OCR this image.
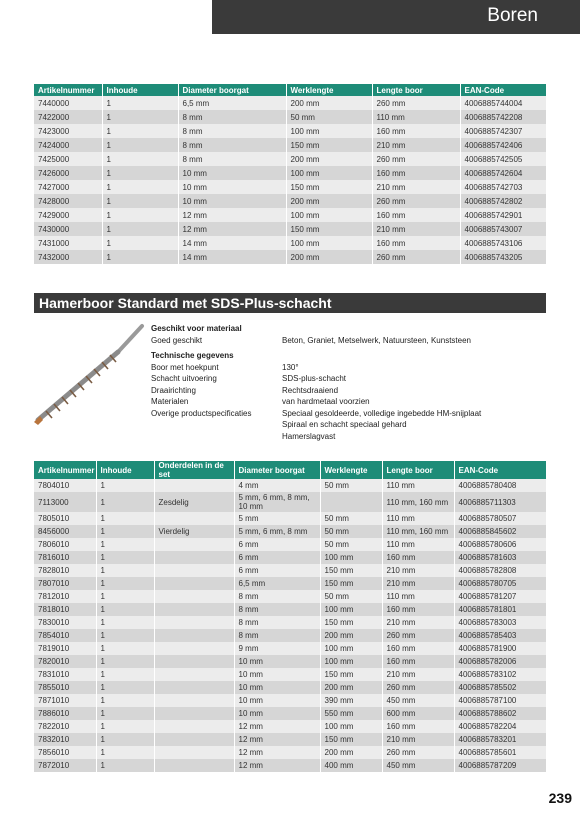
Boren
Artikelnummer	Inhoude	Diameter boorgat	Werklengte	Lengte boor	EAN-Code
7440000	1	6,5 mm	200 mm	260 mm	4006885744004
7422000	1	8 mm	50 mm	110 mm	4006885742208
7423000	1	8 mm	100 mm	160 mm	4006885742307
7424000	1	8 mm	150 mm	210 mm	4006885742406
7425000	1	8 mm	200 mm	260 mm	4006885742505
7426000	1	10 mm	100 mm	160 mm	4006885742604
7427000	1	10 mm	150 mm	210 mm	4006885742703
7428000	1	10 mm	200 mm	260 mm	4006885742802
7429000	1	12 mm	100 mm	160 mm	4006885742901
7430000	1	12 mm	150 mm	210 mm	4006885743007
7431000	1	14 mm	100 mm	160 mm	4006885743106
7432000	1	14 mm	200 mm	260 mm	4006885743205
Hamerboor Standard met SDS-Plus-schacht
Geschikt voor materiaal
Goed geschikt	Beton, Graniet, Metselwerk, Natuursteen, Kunststeen
Technische gegevens
Boor met hoekpunt	130°
Schacht uitvoering	SDS-plus-schacht
Draairichting	Rechtsdraaiend
Materialen	van hardmetaal voorzien
Overige productspecificaties	Speciaal gesoldeerde, volledige ingebedde HM-snijplaat
Spiraal en schacht speciaal gehard
Hamerslagvast
Artikelnummer	Inhoude	Onderdelen in de set	Diameter boorgat	Werklengte	Lengte boor	EAN-Code
7804010	1		4 mm	50 mm	110 mm	4006885780408
7113000	1	Zesdelig	5 mm, 6 mm, 8 mm, 10 mm		110 mm, 160 mm	4006885711303
7805010	1		5 mm	50 mm	110 mm	4006885780507
8456000	1	Vierdelig	5 mm, 6 mm, 8 mm	50 mm	110 mm, 160 mm	4006885845602
7806010	1		6 mm	50 mm	110 mm	4006885780606
7816010	1		6 mm	100 mm	160 mm	4006885781603
7828010	1		6 mm	150 mm	210 mm	4006885782808
7807010	1		6,5 mm	150 mm	210 mm	4006885780705
7812010	1		8 mm	50 mm	110 mm	4006885781207
7818010	1		8 mm	100 mm	160 mm	4006885781801
7830010	1		8 mm	150 mm	210 mm	4006885783003
7854010	1		8 mm	200 mm	260 mm	4006885785403
7819010	1		9 mm	100 mm	160 mm	4006885781900
7820010	1		10 mm	100 mm	160 mm	4006885782006
7831010	1		10 mm	150 mm	210 mm	4006885783102
7855010	1		10 mm	200 mm	260 mm	4006885785502
7871010	1		10 mm	390 mm	450 mm	4006885787100
7886010	1		10 mm	550 mm	600 mm	4006885788602
7822010	1		12 mm	100 mm	160 mm	4006885782204
7832010	1		12 mm	150 mm	210 mm	4006885783201
7856010	1		12 mm	200 mm	260 mm	4006885785601
7872010	1		12 mm	400 mm	450 mm	4006885787209
239
